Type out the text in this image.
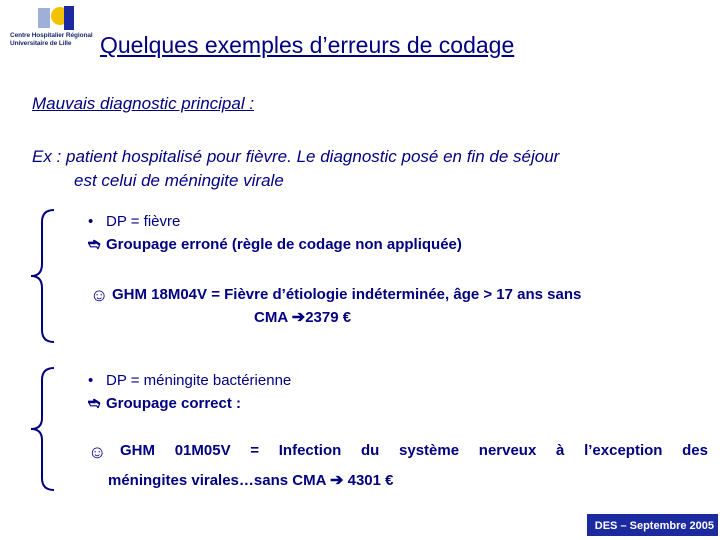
Centre Hospitalier Régional
Universitaire de Lille	Quelques exemples d’erreurs de codage
Mauvais diagnostic principal :
Ex : patient hospitalisé pour fièvre. Le diagnostic posé en fin de séjour
est celui de méningite virale
• DP = fièvre
➬ Groupage erroné (règle de codage non appliquée)
☺ GHM 18M04V = Fièvre d’étiologie indéterminée, âge > 17 ans sans
CMA ➔2379 €
• DP = méningite bactérienne
➬ Groupage correct :
☺ GHM 01M05V = Infection du système nerveux à l’exception des
méningites virales…sans CMA ➔ 4301 €
DES – Septembre 2005
